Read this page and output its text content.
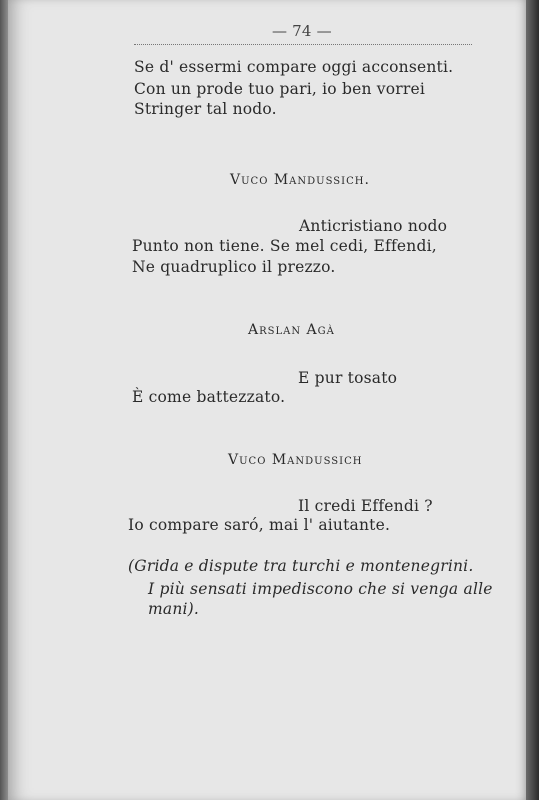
— 74 —
Se d' essermi compare oggi acconsenti.
Con un prode tuo pari, io ben vorrei
Stringer tal nodo.
Vuco Mandussich.
Anticristiano nodo
Punto non tiene. Se mel cedi, Effendi,
Ne quadruplico il prezzo.
Arslan Agà
E pur tosato
È come battezzato.
Vuco Mandussich
Il credi Effendi ?
Io compare saró, mai l' aiutante.
(Grida e dispute tra turchi e montenegrini.
I più sensati impediscono che si venga alle
mani).
